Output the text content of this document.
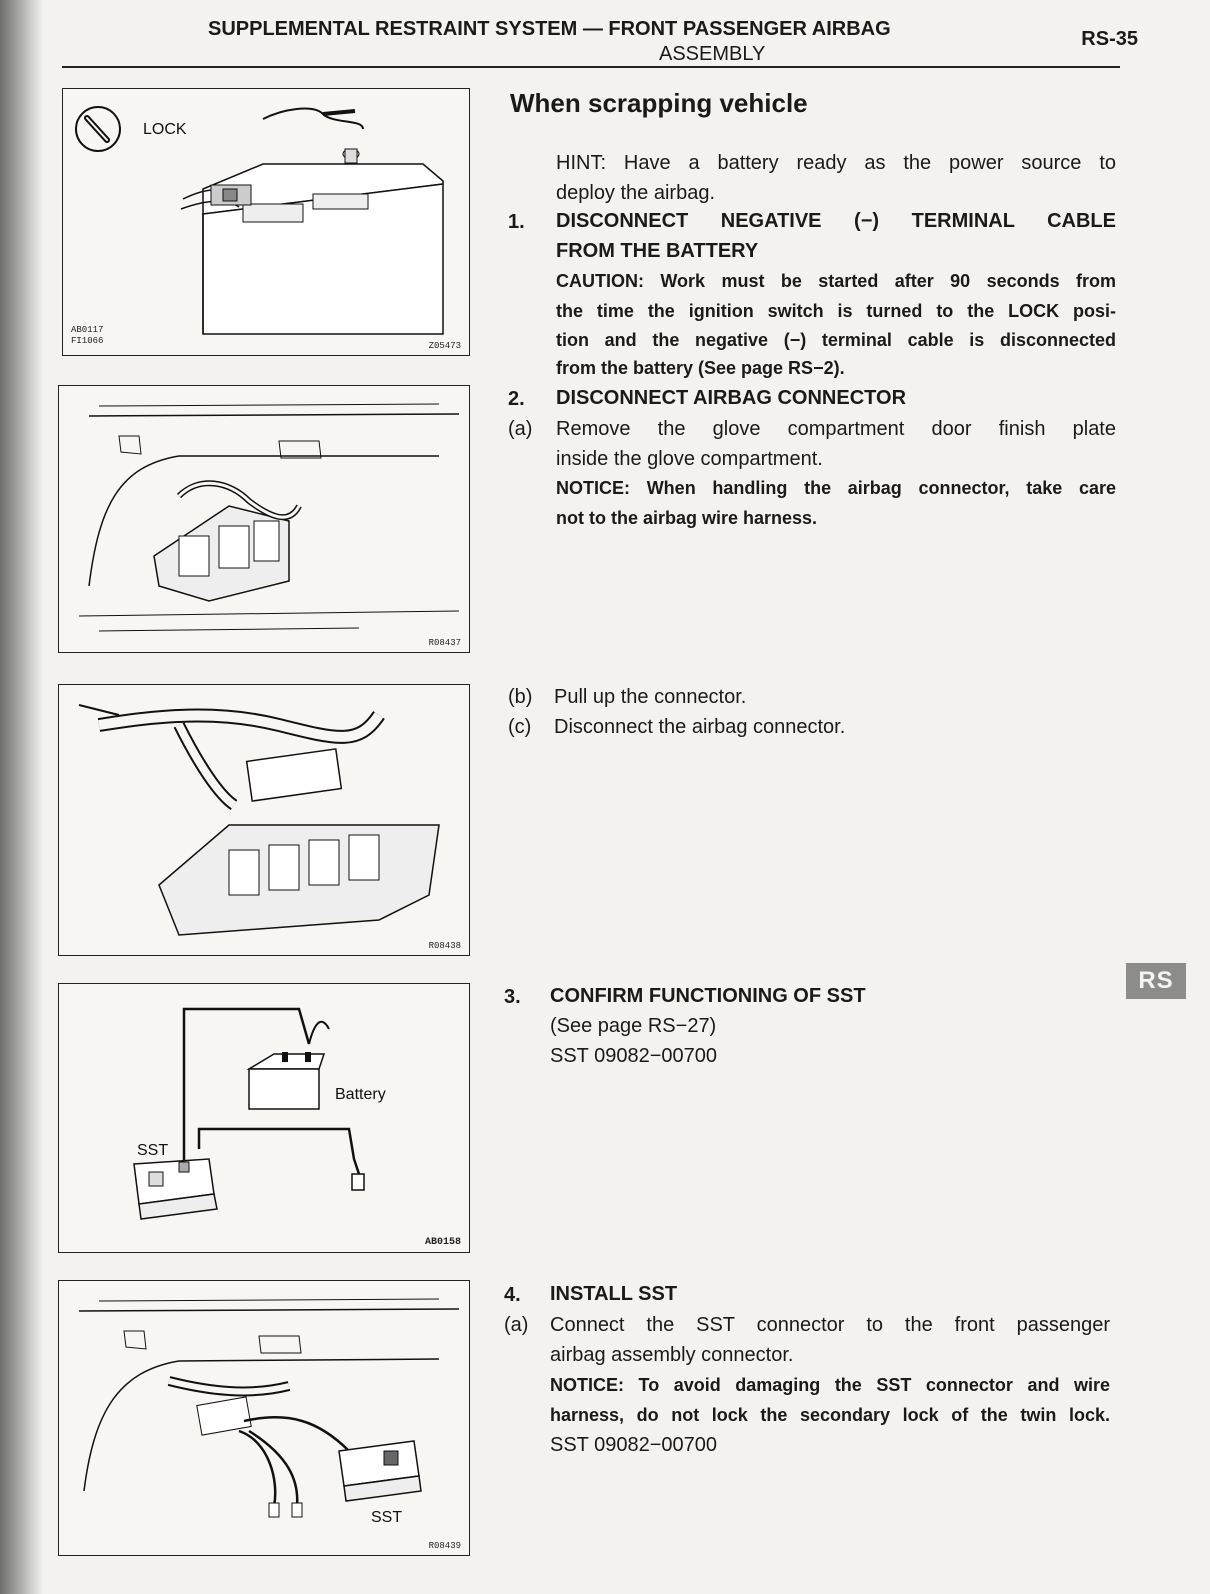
SUPPLEMENTAL RESTRAINT SYSTEM — FRONT PASSENGER AIRBAG
ASSEMBLY
RS-35
LOCK
AB0117
FI1066	Z05473
R08437
R08438
Battery
SST
AB0158
SST
R08439
When scrapping vehicle
HINT: Have a battery ready as the power source to
deploy the airbag.
1. DISCONNECT NEGATIVE (−) TERMINAL CABLE
FROM THE BATTERY
CAUTION: Work must be started after 90 seconds from
the time the ignition switch is turned to the LOCK posi-
tion and the negative (−) terminal cable is disconnected
from the battery (See page RS−2).
2. DISCONNECT AIRBAG CONNECTOR
(a) Remove the glove compartment door finish plate
inside the glove compartment.
NOTICE: When handling the airbag connector, take care
not to the airbag wire harness.
(b) Pull up the connector.
(c) Disconnect the airbag connector.
3. CONFIRM FUNCTIONING OF SST
(See page RS−27)
SST 09082−00700
4. INSTALL SST
(a) Connect the SST connector to the front passenger
airbag assembly connector.
NOTICE: To avoid damaging the SST connector and wire
harness, do not lock the secondary lock of the twin lock.
SST 09082−00700
RS
